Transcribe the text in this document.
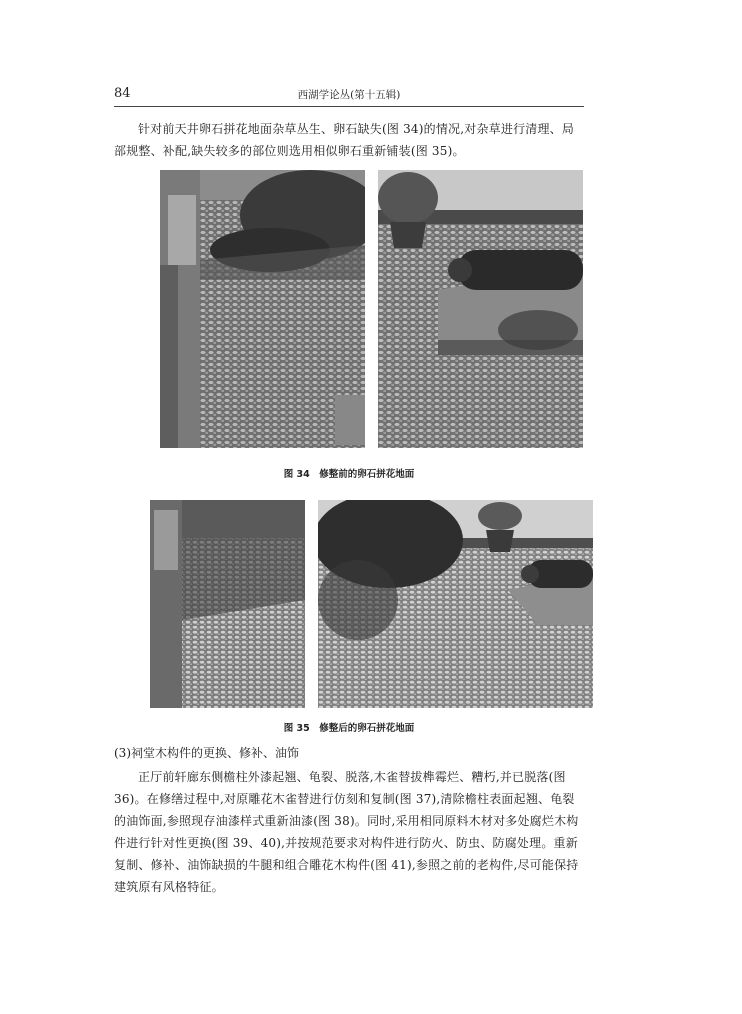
84	西湖学论丛(第十五辑)
针对前天井卵石拼花地面杂草丛生、卵石缺失(图 34)的情况,对杂草进行清理、局部规整、补配,缺失较多的部位则选用相似卵石重新铺装(图 35)。
图 34　修整前的卵石拼花地面
图 35　修整后的卵石拼花地面
(3)祠堂木构件的更换、修补、油饰
正厅前轩廊东侧檐柱外漆起翘、龟裂、脱落,木雀替拔榫霉烂、糟朽,并已脱落(图 36)。在修缮过程中,对原雕花木雀替进行仿刻和复制(图 37),清除檐柱表面起翘、龟裂的油饰面,参照现存油漆样式重新油漆(图 38)。同时,采用相同原料木材对多处腐烂木构件进行针对性更换(图 39、40),并按规范要求对构件进行防火、防虫、防腐处理。重新复制、修补、油饰缺损的牛腿和组合雕花木构件(图 41),参照之前的老构件,尽可能保持建筑原有风格特征。
